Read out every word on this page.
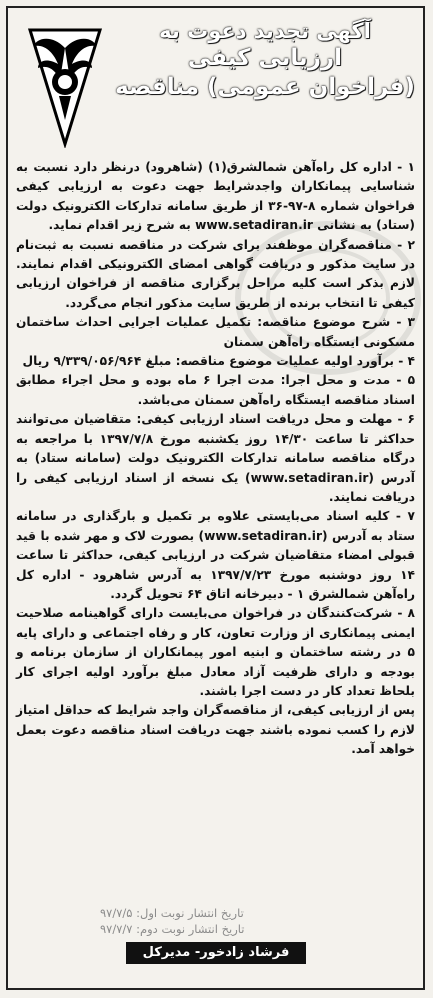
آگهی تجدید دعوت به
ارزیابی کیفی
(فراخوان عمومی) مناقصه

۱ - اداره کل راه‌آهن شمالشرق(۱) (شاهرود) درنظر دارد نسبت به شناسایی پیمانکاران واجدشرایط جهت دعوت به ارزیابی کیفی فراخوان شماره ۸-۹۷-۳۶ از طریق سامانه تدارکات الکترونیک دولت (ستاد) به نشانی www.setadiran.ir به شرح زیر اقدام نماید.

۲ - مناقصه‌گران موظفند برای شرکت در مناقصه نسبت به ثبت‌نام در سایت مذکور و دریافت گواهی امضای الکترونیکی اقدام نمایند. لازم بذکر است کلیه مراحل برگزاری مناقصه از فراخوان ارزیابی کیفی تا انتخاب برنده از طریق سایت مذکور انجام می‌گردد.

۳ - شرح موضوع مناقصه: تکمیل عملیات اجرایی احداث ساختمان مسکونی ایستگاه راه‌آهن سمنان

۴ - برآورد اولیه عملیات موضوع مناقصه: مبلغ ۹/۳۳۹/۰۵۶/۹۶۴ ریال

۵ - مدت و محل اجرا: مدت اجرا ۶ ماه بوده و محل اجراء مطابق اسناد مناقصه ایستگاه راه‌آهن سمنان می‌باشد.

۶ - مهلت و محل دریافت اسناد ارزیابی کیفی: متقاضیان می‌توانند حداکثر تا ساعت ۱۴/۳۰ روز یکشنبه مورخ ۱۳۹۷/۷/۸ با مراجعه به درگاه مناقصه سامانه تدارکات الکترونیک دولت (سامانه ستاد) به آدرس (www.setadiran.ir) یک نسخه از اسناد ارزیابی کیفی را دریافت نمایند.

۷ - کلیه اسناد می‌بایستی علاوه بر تکمیل و بارگذاری در سامانه ستاد به آدرس (www.setadiran.ir) بصورت لاک و مهر شده با قید قبولی امضاء متقاضیان شرکت در ارزیابی کیفی، حداکثر تا ساعت ۱۴ روز دوشنبه مورخ ۱۳۹۷/۷/۲۳ به آدرس شاهرود - اداره کل راه‌آهن شمالشرق ۱ - دبیرخانه اتاق ۶۴ تحویل گردد.

۸ - شرکت‌کنندگان در فراخوان می‌بایست دارای گواهینامه صلاحیت ایمنی پیمانکاری از وزارت تعاون، کار و رفاه اجتماعی و دارای پایه ۵ در رشته ساختمان و ابنیه امور پیمانکاران از سازمان برنامه و بودجه و دارای ظرفیت آزاد معادل مبلغ برآورد اولیه اجرای کار بلحاظ تعداد کار در دست اجرا باشند.

پس از ارزیابی کیفی، از مناقصه‌گران واجد شرایط که حداقل امتیاز لازم را کسب نموده باشند جهت دریافت اسناد مناقصه دعوت بعمل خواهد آمد.

تاریخ انتشار نوبت اول: ۹۷/۷/۵
تاریخ انتشار نوبت دوم: ۹۷/۷/۷
فرشاد زادخور- مدیرکل
